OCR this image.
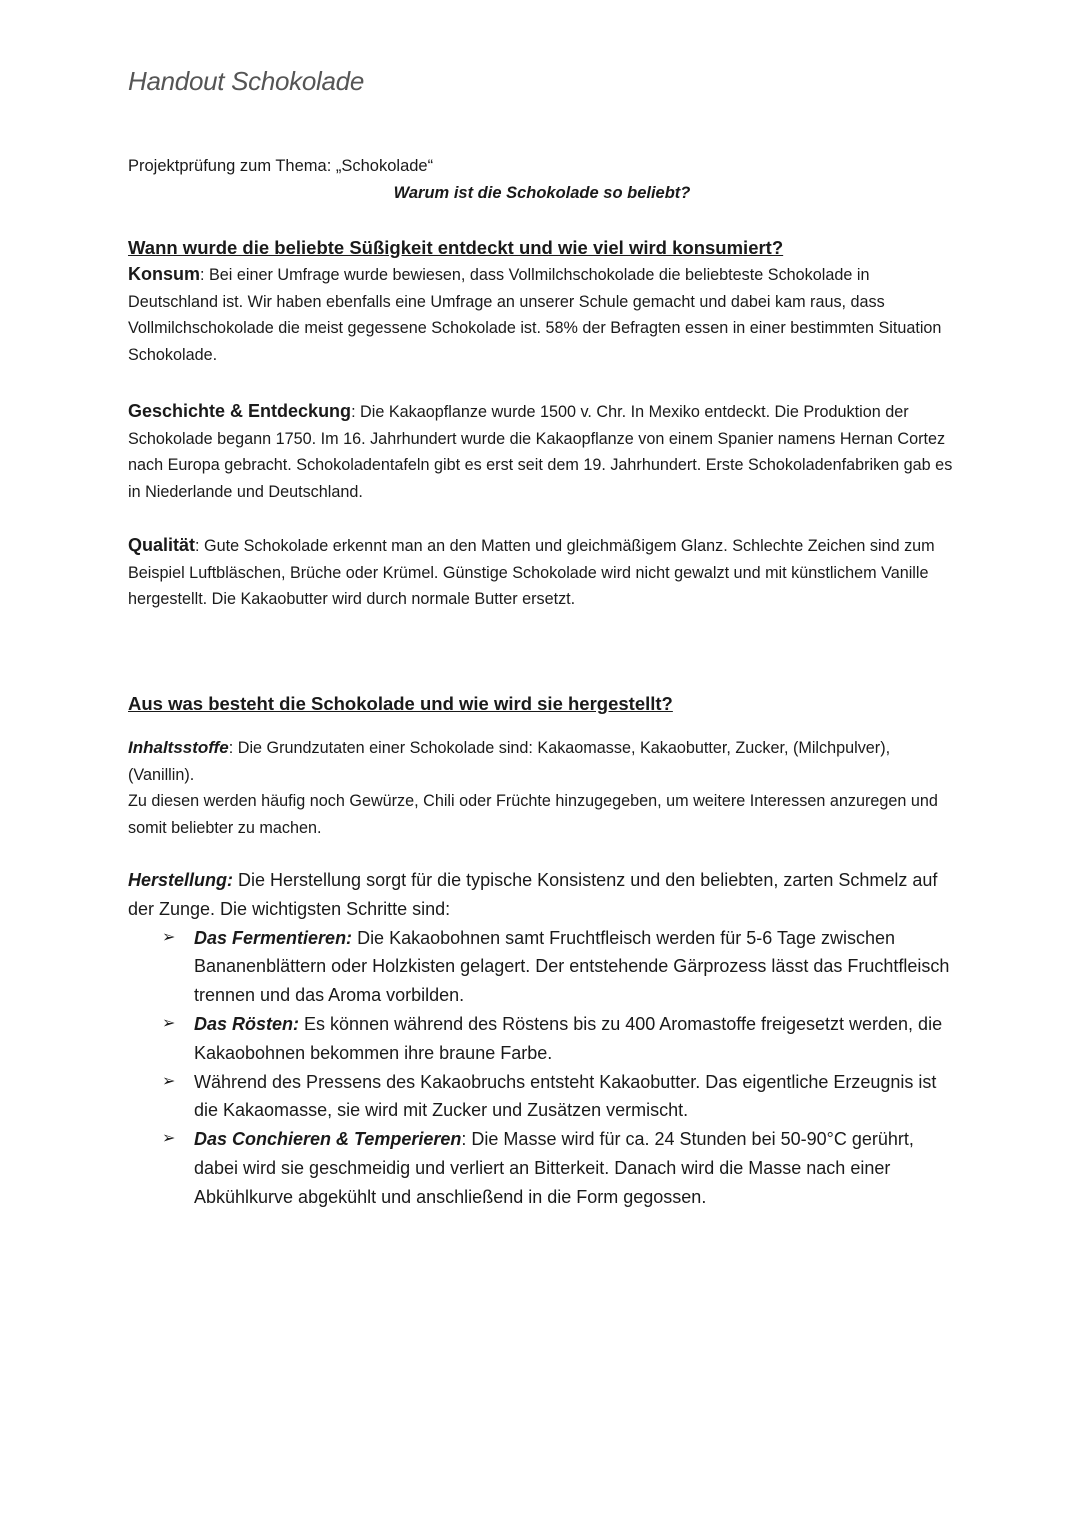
Handout Schokolade
Projektprüfung zum Thema: „Schokolade“
Warum ist die Schokolade so beliebt?
Wann wurde die beliebte Süßigkeit entdeckt und wie viel wird konsumiert?

Konsum: Bei einer Umfrage wurde bewiesen, dass Vollmilchschokolade die beliebteste Schokolade in Deutschland ist. Wir haben ebenfalls eine Umfrage an unserer Schule gemacht und dabei kam raus, dass Vollmilchschokolade die meist gegessene Schokolade ist. 58% der Befragten essen in einer bestimmten Situation Schokolade.

Geschichte & Entdeckung: Die Kakaopflanze wurde 1500 v. Chr. In Mexiko entdeckt. Die Produktion der Schokolade begann 1750. Im 16. Jahrhundert wurde die Kakaopflanze von einem Spanier namens Hernan Cortez nach Europa gebracht. Schokoladentafeln gibt es erst seit dem 19. Jahrhundert. Erste Schokoladenfabriken gab es in Niederlande und Deutschland.

Qualität: Gute Schokolade erkennt man an den Matten und gleichmäßigem Glanz. Schlechte Zeichen sind zum Beispiel Luftbläschen, Brüche oder Krümel. Günstige Schokolade wird nicht gewalzt und mit künstlichem Vanille hergestellt. Die Kakaobutter wird durch normale Butter ersetzt.

Aus was besteht die Schokolade und wie wird sie hergestellt?

Inhaltsstoffe: Die Grundzutaten einer Schokolade sind: Kakaomasse, Kakaobutter, Zucker, (Milchpulver), (Vanillin).

Zu diesen werden häufig noch Gewürze, Chili oder Früchte hinzugegeben, um weitere Interessen anzuregen und somit beliebter zu machen.

Herstellung: Die Herstellung sorgt für die typische Konsistenz und den beliebten, zarten Schmelz auf der Zunge. Die wichtigsten Schritte sind:

➢ Das Fermentieren: Die Kakaobohnen samt Fruchtfleisch werden für 5-6 Tage zwischen Bananenblättern oder Holzkisten gelagert. Der entstehende Gärprozess lässt das Fruchtfleisch trennen und das Aroma vorbilden.
➢ Das Rösten: Es können während des Röstens bis zu 400 Aromastoffe freigesetzt werden, die Kakaobohnen bekommen ihre braune Farbe.
➢ Während des Pressens des Kakaobruchs entsteht Kakaobutter. Das eigentliche Erzeugnis ist die Kakaomasse, sie wird mit Zucker und Zusätzen vermischt.
➢ Das Conchieren & Temperieren: Die Masse wird für ca. 24 Stunden bei 50-90°C gerührt, dabei wird sie geschmeidig und verliert an Bitterkeit. Danach wird die Masse nach einer Abkühlkurve abgekühlt und anschließend in die Form gegossen.
